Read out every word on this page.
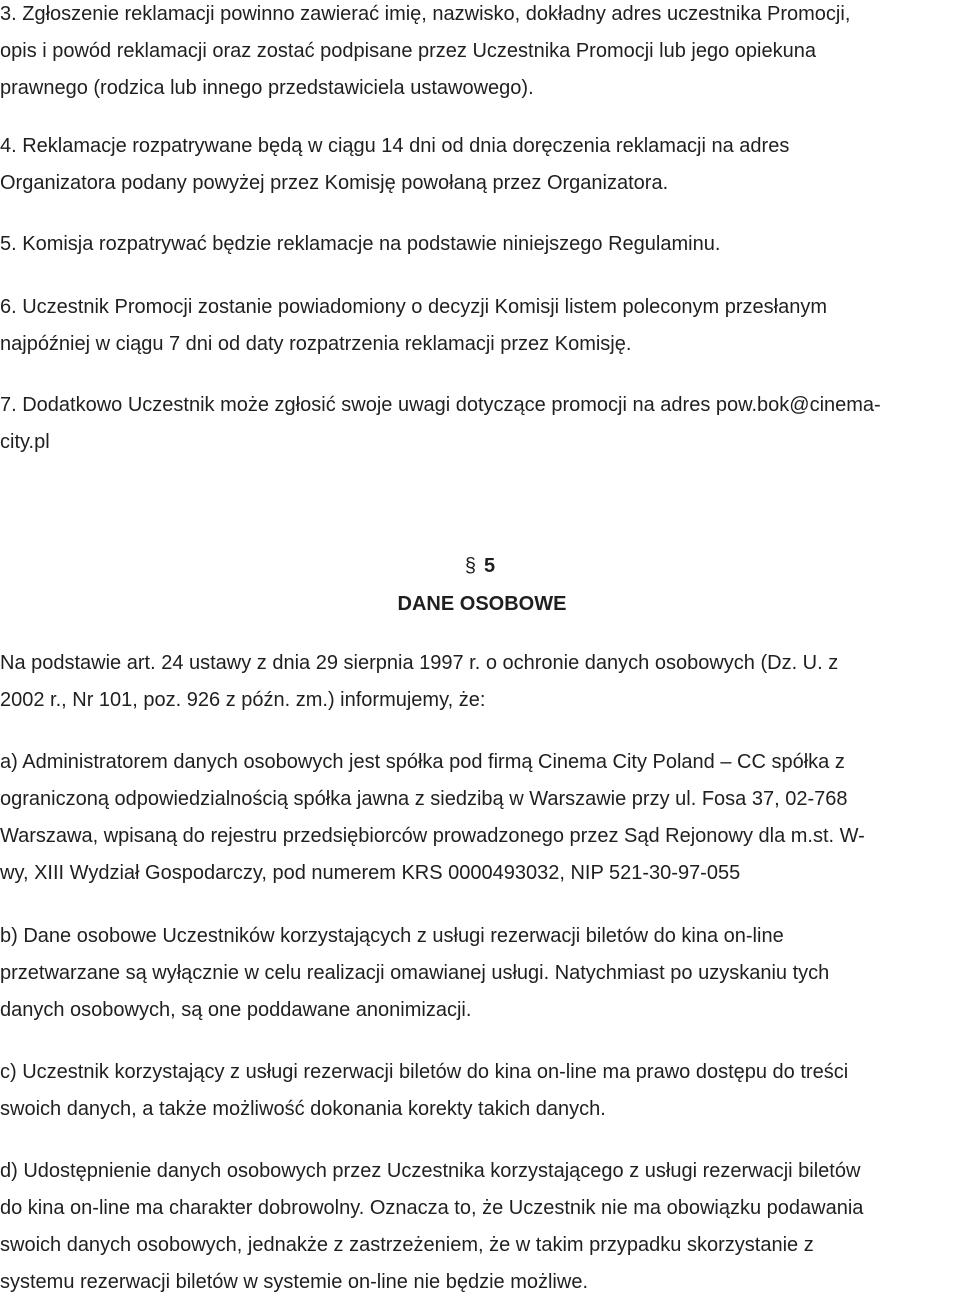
3. Zgłoszenie reklamacji powinno zawierać imię, nazwisko, dokładny adres uczestnika Promocji,
opis i powód reklamacji oraz zostać podpisane przez Uczestnika Promocji lub jego opiekuna
prawnego (rodzica lub innego przedstawiciela ustawowego).

4. Reklamacje rozpatrywane będą w ciągu 14 dni od dnia doręczenia reklamacji na adres
Organizatora podany powyżej przez Komisję powołaną przez Organizatora.

5. Komisja rozpatrywać będzie reklamacje na podstawie niniejszego Regulaminu.

6. Uczestnik Promocji zostanie powiadomiony o decyzji Komisji listem poleconym przesłanym
najpóźniej w ciągu 7 dni od daty rozpatrzenia reklamacji przez Komisję.

7. Dodatkowo Uczestnik może zgłosić swoje uwagi dotyczące promocji na adres pow.bok@cinema-
city.pl

§ 5
DANE OSOBOWE

Na podstawie art. 24 ustawy z dnia 29 sierpnia 1997 r. o ochronie danych osobowych (Dz. U. z
2002 r., Nr 101, poz. 926 z późn. zm.) informujemy, że:

a) Administratorem danych osobowych jest spółka pod firmą Cinema City Poland – CC spółka z
ograniczoną odpowiedzialnością spółka jawna z siedzibą w Warszawie przy ul. Fosa 37, 02-768
Warszawa, wpisaną do rejestru przedsiębiorców prowadzonego przez Sąd Rejonowy dla m.st. W-
wy, XIII Wydział Gospodarczy, pod numerem KRS 0000493032, NIP 521-30-97-055

b) Dane osobowe Uczestników korzystających z usługi rezerwacji biletów do kina on-line
przetwarzane są wyłącznie w celu realizacji omawianej usługi. Natychmiast po uzyskaniu tych
danych osobowych, są one poddawane anonimizacji.

c) Uczestnik korzystający z usługi rezerwacji biletów do kina on-line ma prawo dostępu do treści
swoich danych, a także możliwość dokonania korekty takich danych.

d) Udostępnienie danych osobowych przez Uczestnika korzystającego z usługi rezerwacji biletów
do kina on-line ma charakter dobrowolny. Oznacza to, że Uczestnik nie ma obowiązku podawania
swoich danych osobowych, jednakże z zastrzeżeniem, że w takim przypadku skorzystanie z
systemu rezerwacji biletów w systemie on-line nie będzie możliwe.
